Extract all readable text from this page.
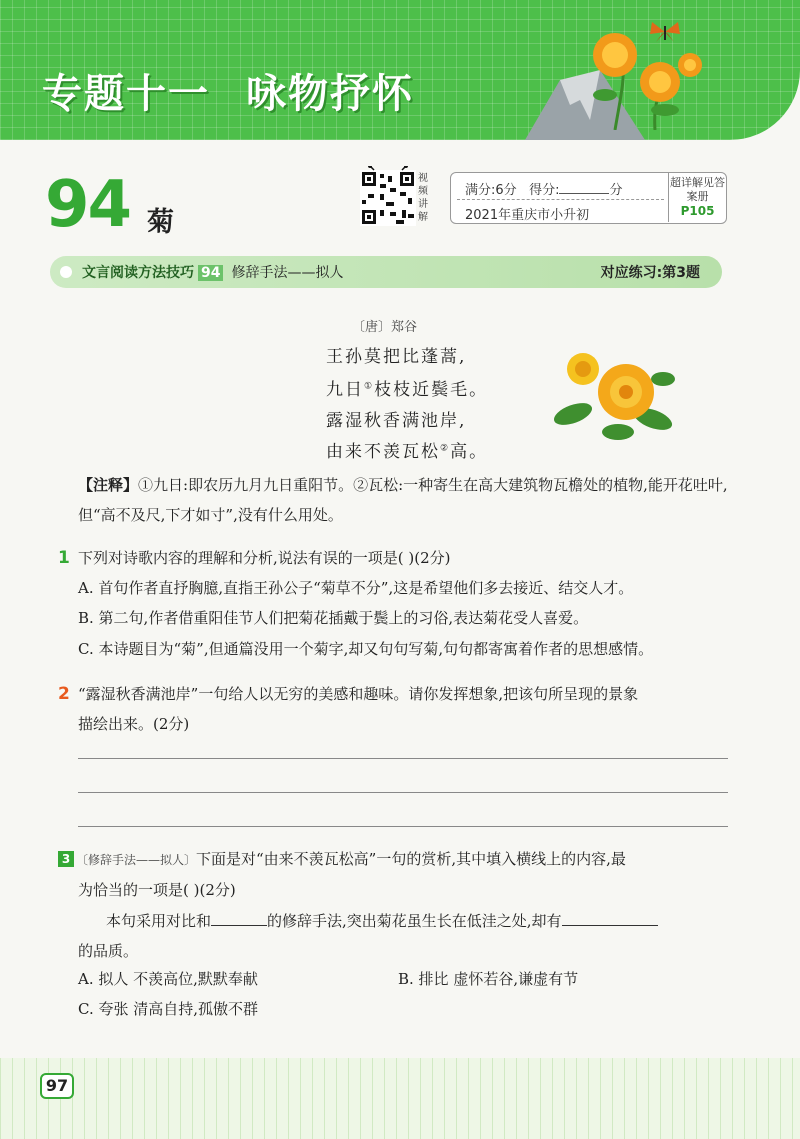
专题十一 咏物抒怀
94 菊
视频讲解
满分:6分 得分:	分
2021年重庆市小升初
超详解见答案册
P105
文言阅读方法技巧 94 修辞手法——拟人	对应练习:第3题
〔唐〕郑谷
王孙莫把比蓬蒿,
九日①枝枝近鬓毛。
露湿秋香满池岸,
由来不羡瓦松②高。
【注释】①九日:即农历九月九日重阳节。②瓦松:一种寄生在高大建筑物瓦檐处的植物,能开花吐叶,但“高不及尺,下才如寸”,没有什么用处。
1 下列对诗歌内容的理解和分析,说法有误的一项是( )(2分)
A. 首句作者直抒胸臆,直指王孙公子“菊草不分”,这是希望他们多去接近、结交人才。
B. 第二句,作者借重阳佳节人们把菊花插戴于鬓上的习俗,表达菊花受人喜爱。
C. 本诗题目为“菊”,但通篇没用一个菊字,却又句句写菊,句句都寄寓着作者的思想感情。
2 “露湿秋香满池岸”一句给人以无穷的美感和趣味。请你发挥想象,把该句所呈现的景象
描绘出来。(2分)
3 〔修辞手法——拟人〕下面是对“由来不羡瓦松高”一句的赏析,其中填入横线上的内容,最
为恰当的一项是( )(2分)
本句采用对比和	的修辞手法,突出菊花虽生长在低洼之处,却有
的品质。
A. 拟人 不羡高位,默默奉献	B. 排比 虚怀若谷,谦虚有节
C. 夸张 清高自持,孤傲不群
97
